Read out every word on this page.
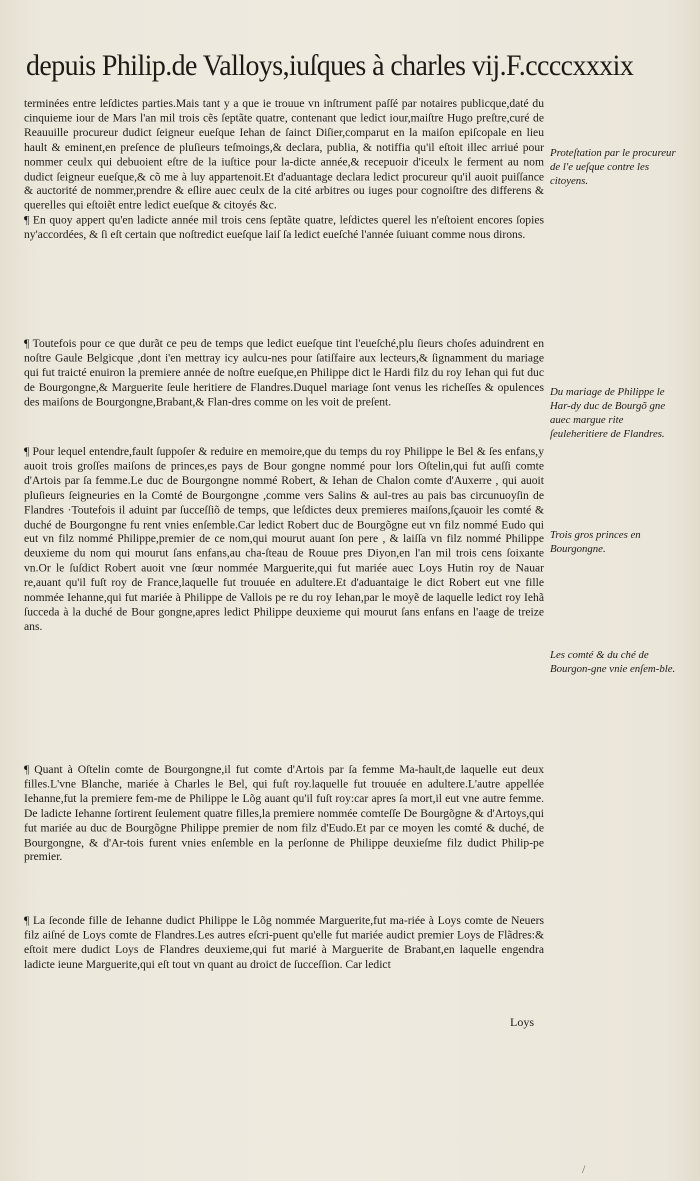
depuis Philip.de Valloys,iuſques à charles vij.F.ccccxxxix

terminées entre leſdictes parties.Mais tant y a que ie trouue vn inſtrument paſſé par notaires publicque,daté du cinquieme iour de Mars l'an mil trois cẽs ſeptãte quatre, contenant que ledict iour,maiſtre Hugo preſtre,curé de Reauuille procureur dudict ſeigneur eueſque Iehan de ſainct Diſier,comparut en la maiſon epiſcopale en lieu hault & eminent,en preſence de pluſieurs teſmoings,& declara, publia, & notiffia qu'il eſtoit illec arriué pour nommer ceulx qui debuoient eſtre de la iuſtice pour la-dicte année,& recepuoir d'iceulx le ferment au nom dudict ſeigneur eueſque,& cõ me à luy appartenoit.Et d'aduantage declara ledict procureur qu'il auoit puiſſance & auctorité de nommer,prendre & eſlire auec ceulx de la cité arbitres ou iuges pour cognoiſtre des differens & querelles qui eſtoiẽt entre ledict eueſque & citoyés &c.

¶ En quoy appert qu'en ladicte année mil trois cens ſeptãte quatre, leſdictes querel les n'eſtoient encores ſopies ny'accordées, & ſi eſt certain que noſtredict eueſque laiſ ſa ledict eueſché l'année ſuiuant comme nous dirons.

¶ Toutefois pour ce que durãt ce peu de temps que ledict eueſque tint l'eueſché,plu ſieurs choſes aduindrent en noſtre Gaule Belgicque ,dont i'en mettray icy aulcu-nes pour ſatiſfaire aux lecteurs,& ſignamment du mariage qui fut traicté enuiron la premiere année de noſtre eueſque,en Philippe dict le Hardi filz du roy Iehan qui fut duc de Bourgongne,& Marguerite ſeule heritiere de Flandres.Duquel mariage ſont venus les richeſſes & opulences des maiſons de Bourgongne,Brabant,& Flan-dres comme on les voit de preſent.

¶ Pour lequel entendre,fault ſuppoſer & reduire en memoire,que du temps du roy Philippe le Bel & ſes enfans,y auoit trois groſſes maiſons de princes,es pays de Bour gongne nommé pour lors Oſtelin,qui fut auſſi comte d'Artois par ſa femme.Le duc de Bourgongne nommé Robert, & Iehan de Chalon comte d'Auxerre , qui auoit pluſieurs ſeigneuries en la Comté de Bourgongne ,comme vers Salins & aul-tres au pais bas circunuoyſin de Flandres ·Toutefois il aduint par ſucceſſiõ de temps, que leſdictes deux premieres maiſons,ſçauoir les comté & duché de Bourgongne fu rent vnies enſemble.Car ledict Robert duc de Bourgõgne eut vn filz nommé Eudo qui eut vn filz nommé Philippe,premier de ce nom,qui mourut auant ſon pere , & laiſſa vn filz nommé Philippe deuxieme du nom qui mourut ſans enfans,au cha-ſteau de Rouue pres Diyon,en l'an mil trois cens ſoixante vn.Or le ſuſdict Robert auoit vne ſœur nommée Marguerite,qui fut mariée auec Loys Hutin roy de Nauar re,auant qu'il fuſt roy de France,laquelle fut trouuée en adultere.Et d'aduantaige le dict Robert eut vne fille nommée Iehanne,qui fut mariée à Philippe de Vallois pe re du roy Iehan,par le moyẽ de laquelle ledict roy Iehã ſucceda à la duché de Bour gongne,apres ledict Philippe deuxieme qui mourut ſans enfans en l'aage de treize ans.

¶ Quant à Oſtelin comte de Bourgongne,il fut comte d'Artois par ſa femme Ma-hault,de laquelle eut deux filles.L'vne Blanche, mariée à Charles le Bel, qui fuſt roy.laquelle fut trouuée en adultere.L'autre appellée Iehanne,fut la premiere fem-me de Philippe le Lõg auant qu'il fuſt roy:car apres ſa mort,il eut vne autre femme. De ladicte Iehanne ſortirent ſeulement quatre filles,la premiere nommée comteſſe De Bourgõgne & d'Artoys,qui fut mariée au duc de Bourgõgne Philippe premier de nom filz d'Eudo.Et par ce moyen les comté & duché, de Bourgongne, & d'Ar-tois furent vnies enſemble en la perſonne de Philippe deuxieſme filz dudict Philip-pe premier.

¶ La ſeconde fille de Iehanne dudict Philippe le Lõg nommée Marguerite,fut ma-riée à Loys comte de Neuers filz aiſné de Loys comte de Flandres.Les autres eſcri-puent qu'elle fut mariée audict premier Loys de Flãdres:& eſtoit mere dudict Loys de Flandres deuxieme,qui fut marié à Marguerite de Brabant,en laquelle engendra ladicte ieune Marguerite,qui eſt tout vn quant au droict de ſucceſſion. Car ledict

Loys
Proteſtation par le procureur de l'e ueſque contre les citoyens.
Du mariage de Philippe le Har-dy duc de Bourgõ gne auec margue rite ſeuleheritiere de Flandres.
Trois gros princes en Bourgongne.
Les comté & du ché de Bourgon-gne vnie enſem-ble.
/
